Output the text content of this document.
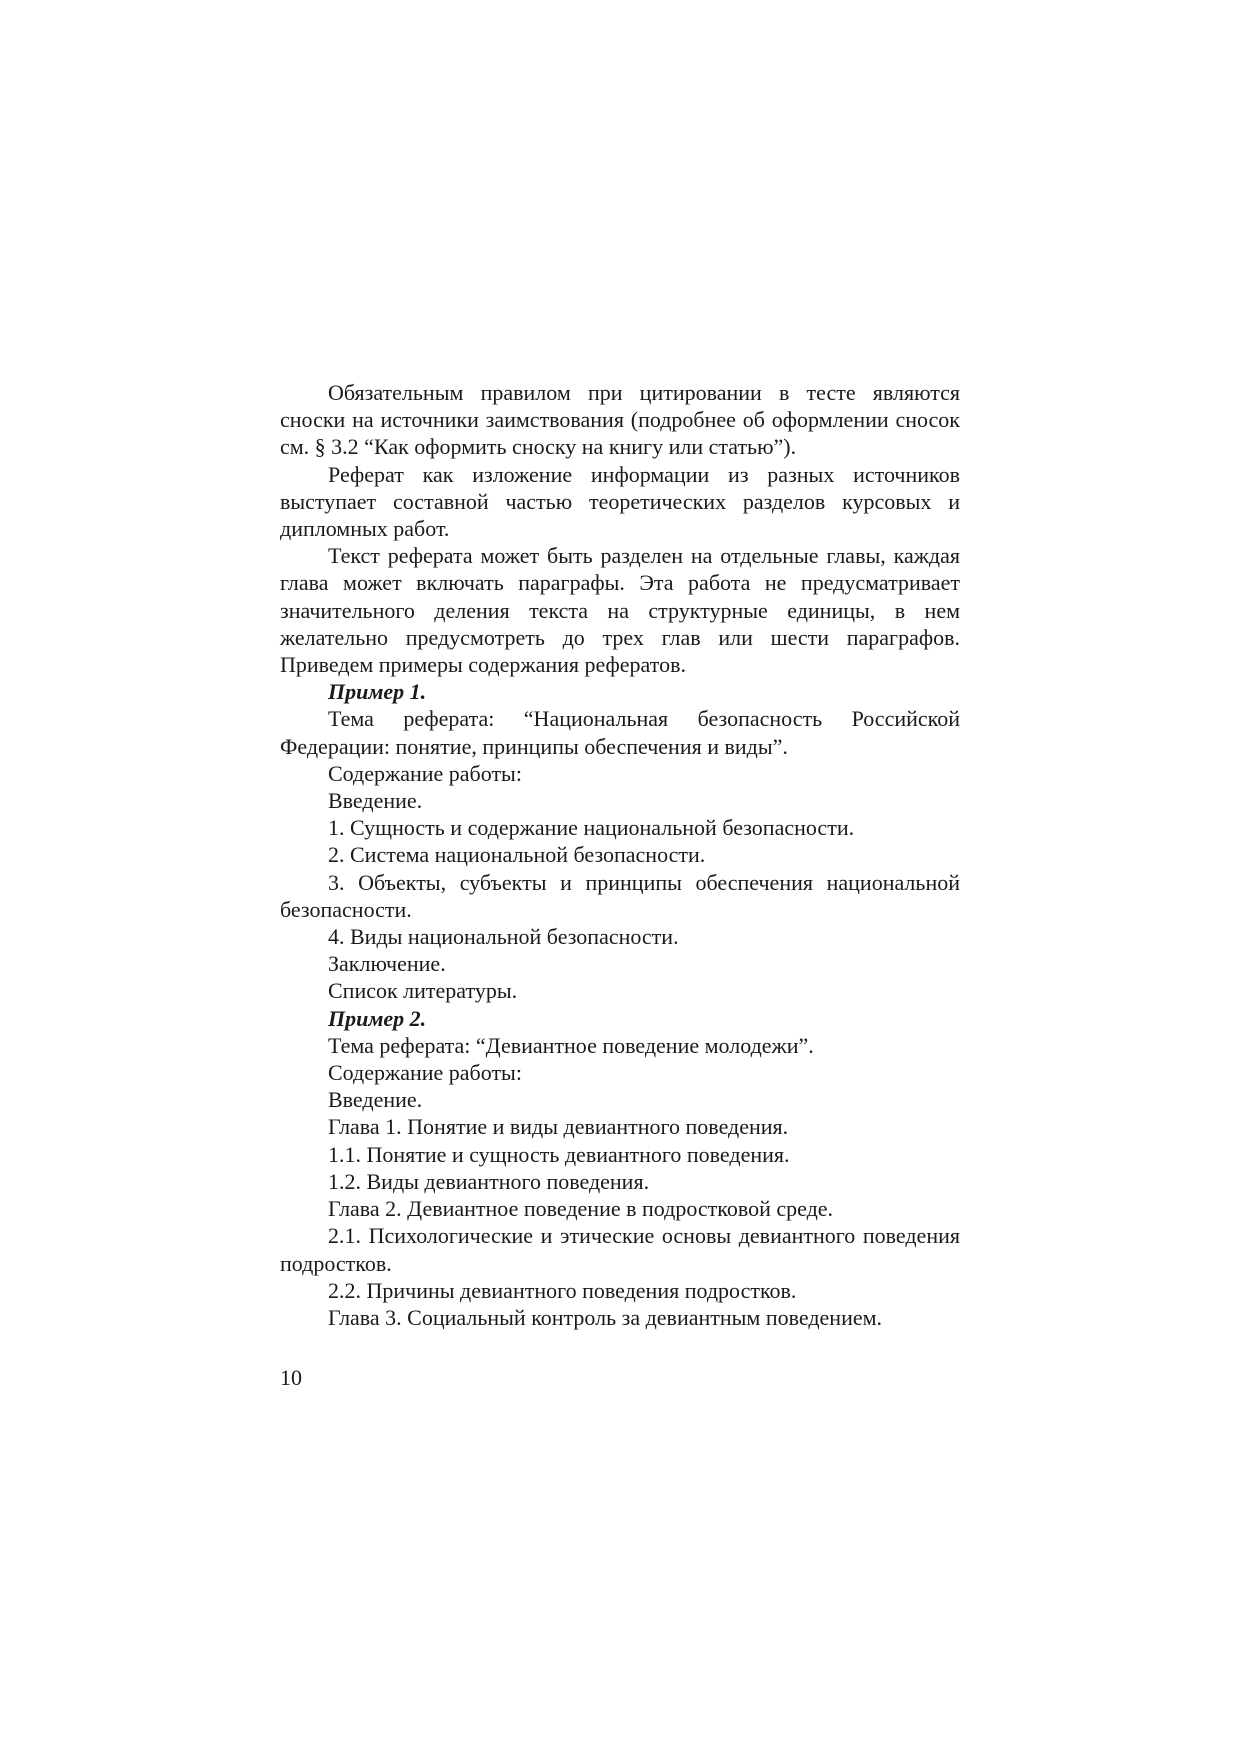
Обязательным правилом при цитировании в тесте являются сноски на источники заимствования (подробнее об оформлении сносок см. § 3.2 “Как оформить сноску на книгу или статью”).

Реферат как изложение информации из разных источников выступает составной частью теоретических разделов курсовых и дипломных работ.

Текст реферата может быть разделен на отдельные главы, каждая глава может включать параграфы. Эта работа не предусматривает значительного деления текста на структурные единицы, в нем желательно предусмотреть до трех глав или шести параграфов. Приведем примеры содержания рефератов.

Пример 1.

Тема реферата: “Национальная безопасность Российской Федерации: понятие, принципы обеспечения и виды”.

Содержание работы:

Введение.

1. Сущность и содержание национальной безопасности.

2. Система национальной безопасности.

3. Объекты, субъекты и принципы обеспечения национальной безопасности.

4. Виды национальной безопасности.

Заключение.

Список литературы.

Пример 2.

Тема реферата: “Девиантное поведение молодежи”.

Содержание работы:

Введение.

Глава 1. Понятие и виды девиантного поведения.

1.1. Понятие и сущность девиантного поведения.

1.2. Виды девиантного поведения.

Глава 2. Девиантное поведение в подростковой среде.

2.1. Психологические и этические основы девиантного поведения подростков.

2.2. Причины девиантного поведения подростков.

Глава 3. Социальный контроль за девиантным поведением.

10
